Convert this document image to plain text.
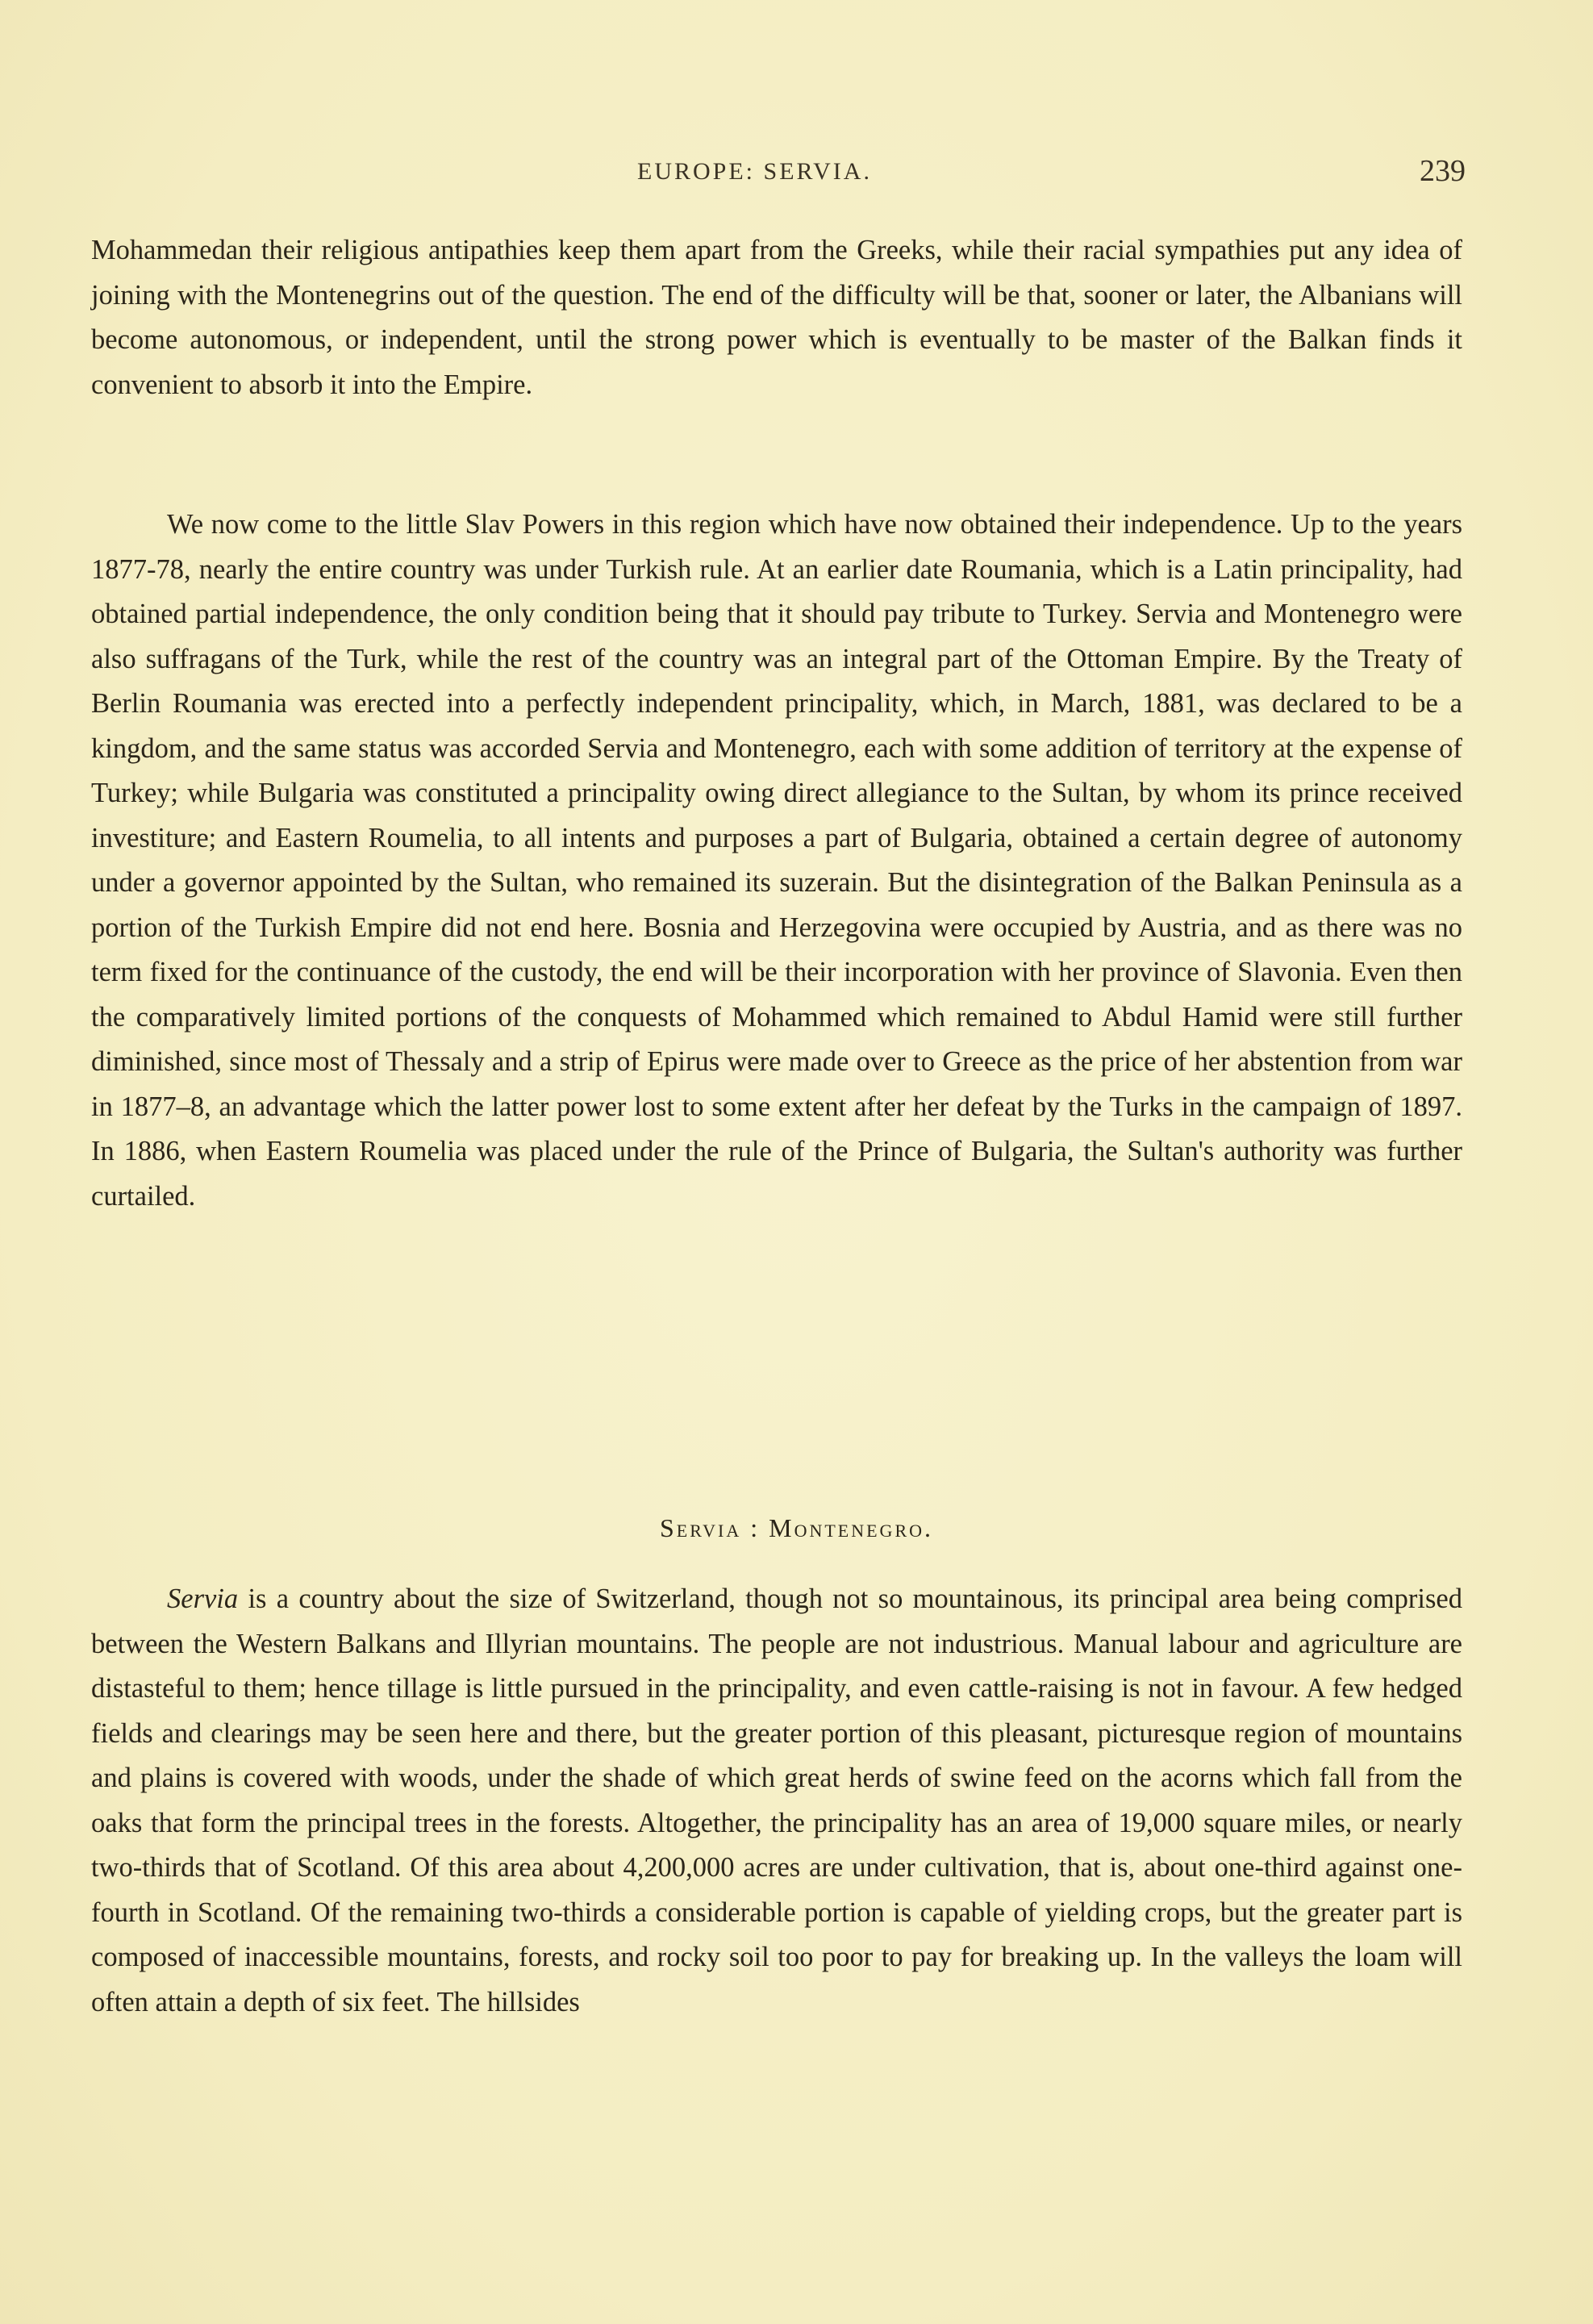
EUROPE: SERVIA.	239

Mohammedan their religious antipathies keep them apart from the Greeks, while their racial sympathies put any idea of joining with the Montenegrins out of the question. The end of the difficulty will be that, sooner or later, the Albanians will become autonomous, or independent, until the strong power which is eventually to be master of the Balkan finds it convenient to absorb it into the Empire.

We now come to the little Slav Powers in this region which have now obtained their independence. Up to the years 1877-78, nearly the entire country was under Turkish rule. At an earlier date Roumania, which is a Latin principality, had obtained partial independence, the only condition being that it should pay tribute to Turkey. Servia and Montenegro were also suffragans of the Turk, while the rest of the country was an integral part of the Ottoman Empire. By the Treaty of Berlin Roumania was erected into a perfectly independent principality, which, in March, 1881, was declared to be a kingdom, and the same status was accorded Servia and Montenegro, each with some addition of territory at the expense of Turkey; while Bulgaria was constituted a principality owing direct allegiance to the Sultan, by whom its prince received investiture; and Eastern Roumelia, to all intents and purposes a part of Bulgaria, obtained a certain degree of autonomy under a governor appointed by the Sultan, who remained its suzerain. But the disintegration of the Balkan Peninsula as a portion of the Turkish Empire did not end here. Bosnia and Herzegovina were occupied by Austria, and as there was no term fixed for the continuance of the custody, the end will be their incorporation with her province of Slavonia. Even then the comparatively limited portions of the conquests of Mohammed which remained to Abdul Hamid were still further diminished, since most of Thessaly and a strip of Epirus were made over to Greece as the price of her abstention from war in 1877–8, an advantage which the latter power lost to some extent after her defeat by the Turks in the campaign of 1897. In 1886, when Eastern Roumelia was placed under the rule of the Prince of Bulgaria, the Sultan's authority was further curtailed.

Servia : Montenegro.

Servia is a country about the size of Switzerland, though not so mountainous, its principal area being comprised between the Western Balkans and Illyrian mountains. The people are not industrious. Manual labour and agriculture are distasteful to them; hence tillage is little pursued in the principality, and even cattle-raising is not in favour. A few hedged fields and clearings may be seen here and there, but the greater portion of this pleasant, picturesque region of mountains and plains is covered with woods, under the shade of which great herds of swine feed on the acorns which fall from the oaks that form the principal trees in the forests. Altogether, the principality has an area of 19,000 square miles, or nearly two-thirds that of Scotland. Of this area about 4,200,000 acres are under cultivation, that is, about one-third against one-fourth in Scotland. Of the remaining two-thirds a considerable portion is capable of yielding crops, but the greater part is composed of inaccessible mountains, forests, and rocky soil too poor to pay for breaking up. In the valleys the loam will often attain a depth of six feet. The hillsides
